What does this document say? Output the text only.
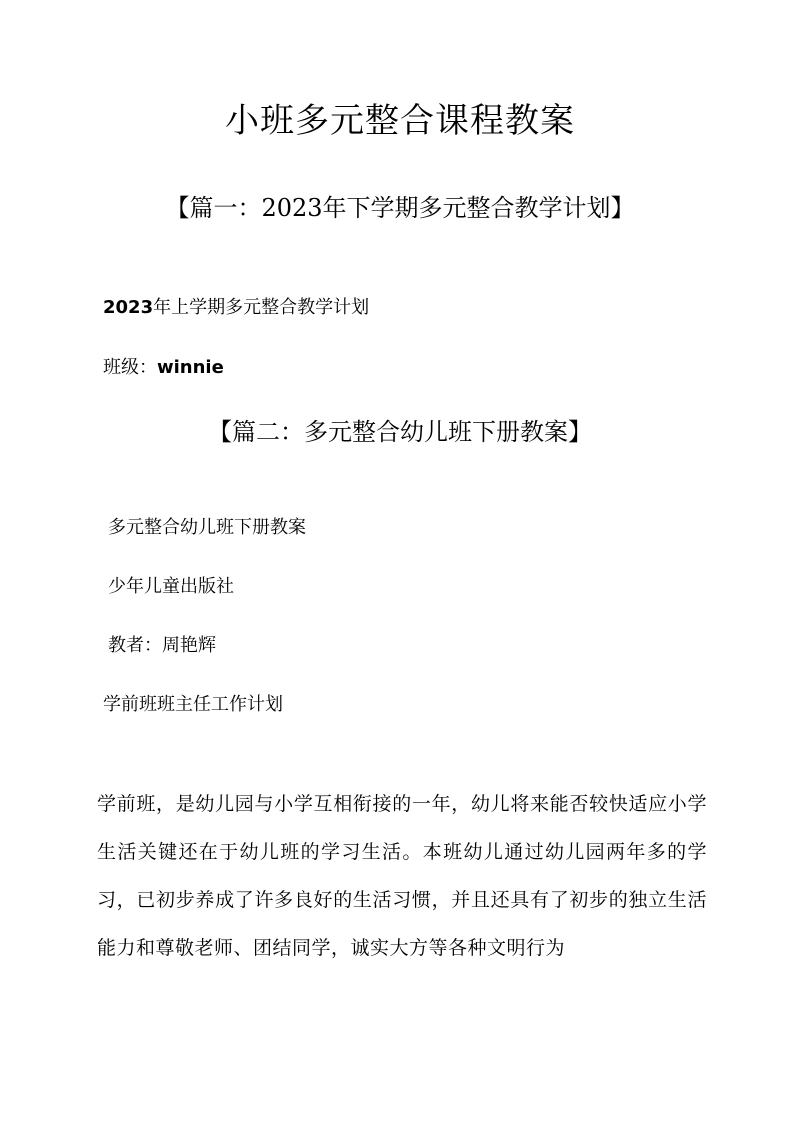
小班多元整合课程教案
【篇一：2023年下学期多元整合教学计划】
2023年上学期多元整合教学计划
班级：winnie
【篇二：多元整合幼儿班下册教案】
多元整合幼儿班下册教案
少年儿童出版社
教者：周艳辉
学前班班主任工作计划

学前班，是幼儿园与小学互相衔接的一年，幼儿将来能否较快适应小学生活关键还在于幼儿班的学习生活。本班幼儿通过幼儿园两年多的学习，已初步养成了许多良好的生活习惯，并且还具有了初步的独立生活能力和尊敬老师、团结同学，诚实大方等各种文明行为
